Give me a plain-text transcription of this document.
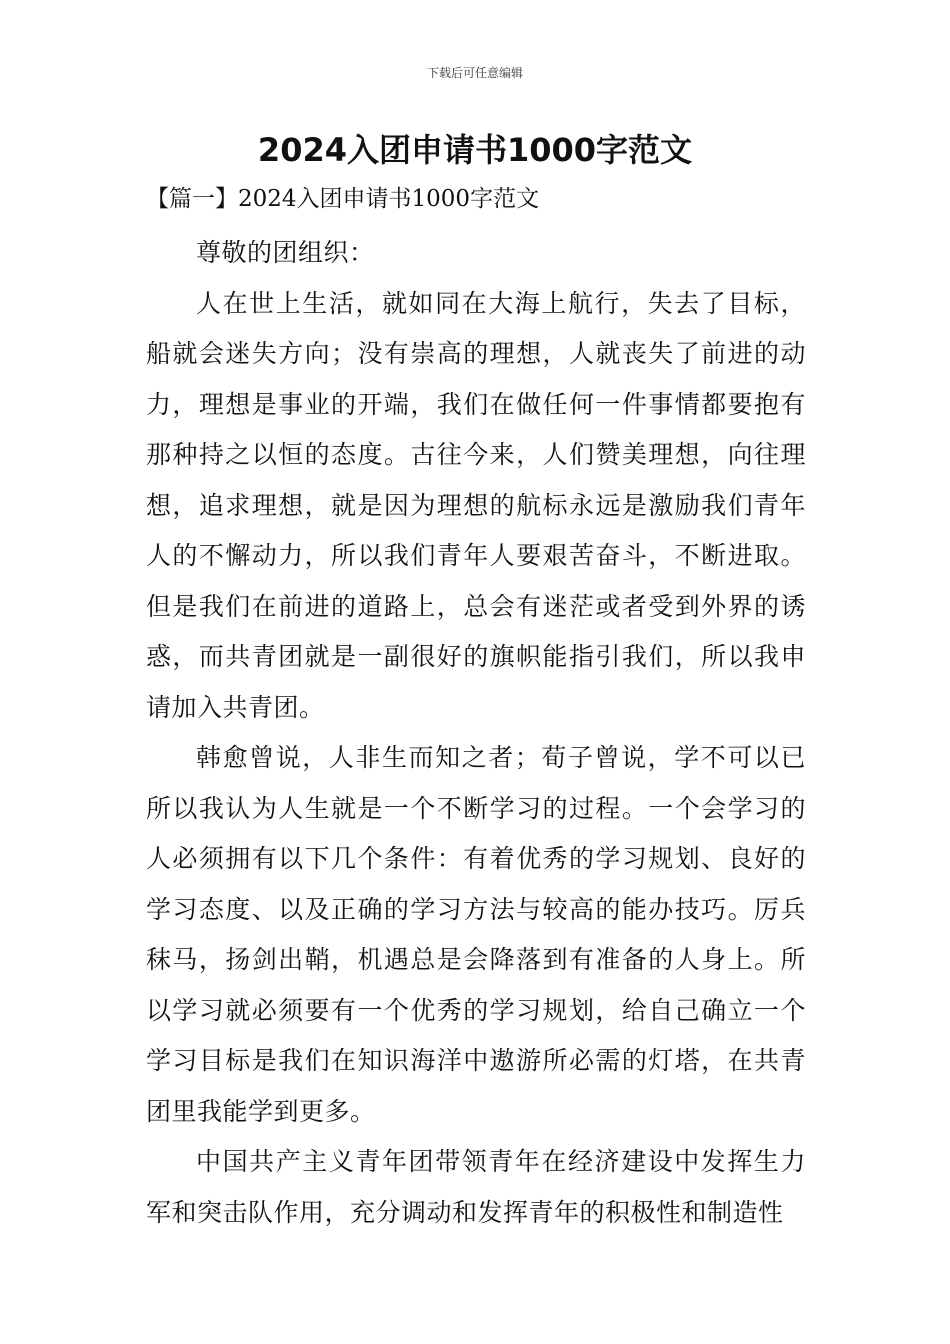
下载后可任意编辑
2024入团申请书1000字范文
【篇一】2024入团申请书1000字范文

尊敬的团组织：

人在世上生活，就如同在大海上航行，失去了目标，船就会迷失方向；没有崇高的理想，人就丧失了前进的动力，理想是事业的开端，我们在做任何一件事情都要抱有那种持之以恒的态度。古往今来，人们赞美理想，向往理想，追求理想，就是因为理想的航标永远是激励我们青年人的不懈动力，所以我们青年人要艰苦奋斗，不断进取。但是我们在前进的道路上，总会有迷茫或者受到外界的诱惑，而共青团就是一副很好的旗帜能指引我们，所以我申请加入共青团。

韩愈曾说，人非生而知之者；荀子曾说，学不可以已所以我认为人生就是一个不断学习的过程。一个会学习的人必须拥有以下几个条件：有着优秀的学习规划、良好的学习态度、以及正确的学习方法与较高的能办技巧。厉兵秣马，扬剑出鞘，机遇总是会降落到有准备的人身上。所以学习就必须要有一个优秀的学习规划，给自己确立一个学习目标是我们在知识海洋中遨游所必需的灯塔，在共青团里我能学到更多。

中国共产主义青年团带领青年在经济建设中发挥生力军和突击队作用，充分调动和发挥青年的积极性和制造性
